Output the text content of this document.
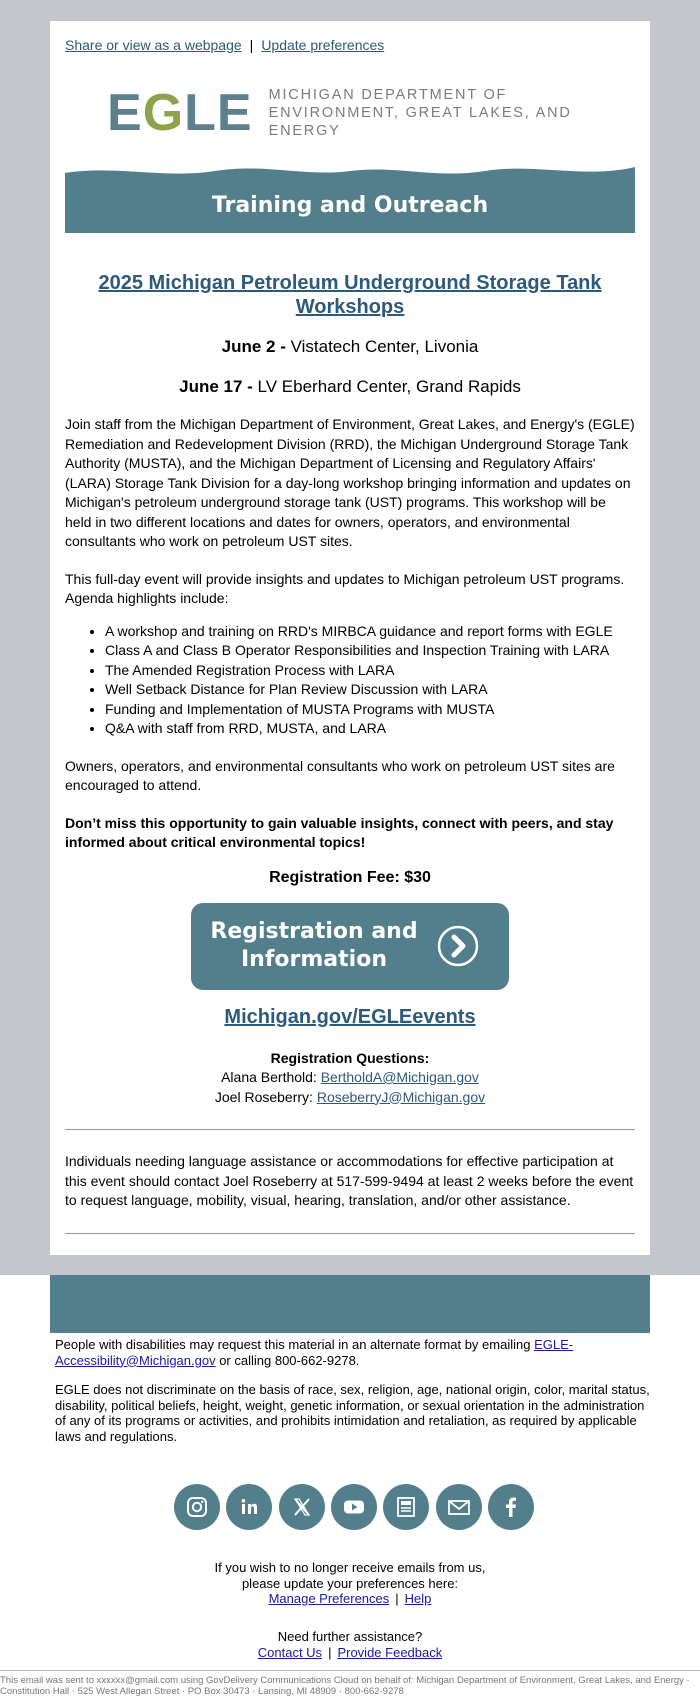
Share or view as a webpage | Update preferences
EGLE MICHIGAN DEPARTMENT OF
ENVIRONMENT, GREAT LAKES, AND ENERGY
Training and Outreach
2025 Michigan Petroleum Underground Storage Tank Workshops
June 2 - Vistatech Center, Livonia
June 17 - LV Eberhard Center, Grand Rapids

Join staff from the Michigan Department of Environment, Great Lakes, and Energy's (EGLE) Remediation and Redevelopment Division (RRD), the Michigan Underground Storage Tank Authority (MUSTA), and the Michigan Department of Licensing and Regulatory Affairs' (LARA) Storage Tank Division for a day-long workshop bringing information and updates on Michigan's petroleum underground storage tank (UST) programs. This workshop will be held in two different locations and dates for owners, operators, and environmental consultants who work on petroleum UST sites.

This full-day event will provide insights and updates to Michigan petroleum UST programs. Agenda highlights include:

• A workshop and training on RRD's MIRBCA guidance and report forms with EGLE
• Class A and Class B Operator Responsibilities and Inspection Training with LARA
• The Amended Registration Process with LARA
• Well Setback Distance for Plan Review Discussion with LARA
• Funding and Implementation of MUSTA Programs with MUSTA
• Q&A with staff from RRD, MUSTA, and LARA

Owners, operators, and environmental consultants who work on petroleum UST sites are encouraged to attend.

Don’t miss this opportunity to gain valuable insights, connect with peers, and stay informed about critical environmental topics!

Registration Fee: $30
Registration and
Information
Michigan.gov/EGLEevents
Registration Questions:
Alana Berthold: BertholdA@Michigan.gov
Joel Roseberry: RoseberryJ@Michigan.gov

Individuals needing language assistance or accommodations for effective participation at this event should contact Joel Roseberry at 517-599-9494 at least 2 weeks before the event to request language, mobility, visual, hearing, translation, and/or other assistance.

People with disabilities may request this material in an alternate format by emailing EGLE-Accessibility@Michigan.gov or calling 800-662-9278.

EGLE does not discriminate on the basis of race, sex, religion, age, national origin, color, marital status, disability, political beliefs, height, weight, genetic information, or sexual orientation in the administration of any of its programs or activities, and prohibits intimidation and retaliation, as required by applicable laws and regulations.

If you wish to no longer receive emails from us,
please update your preferences here:
Manage Preferences | Help
Need further assistance?
Contact Us | Provide Feedback
This email was sent to xxxxxx@gmail.com using GovDelivery Communications Cloud on behalf of: Michigan Department of Environment, Great Lakes, and Energy · Constitution Hall · 525 West Allegan Street · PO Box 30473 · Lansing, MI 48909 · 800-662-9278
